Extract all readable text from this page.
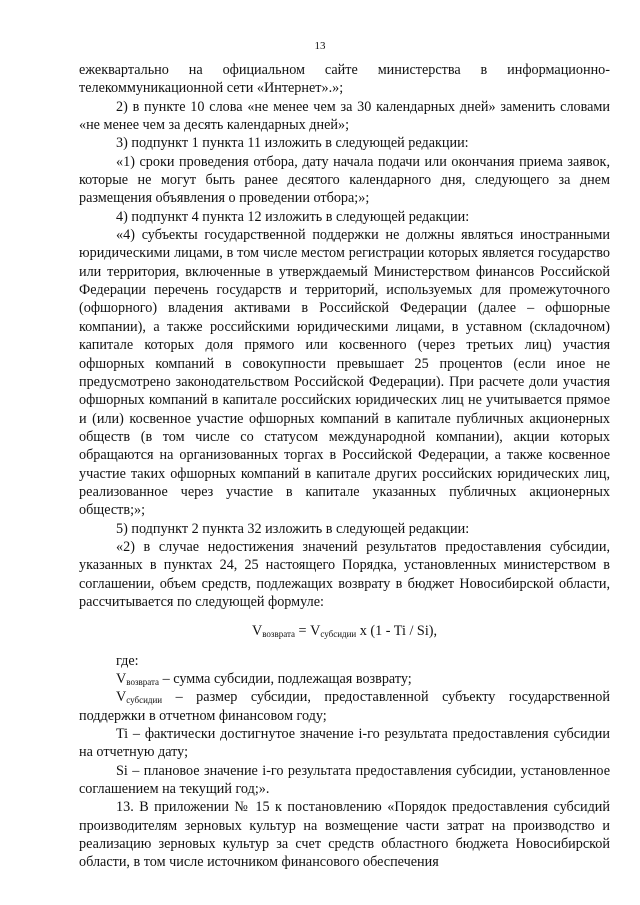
13

ежеквартально на официальном сайте министерства в информационно-телекоммуникационной сети «Интернет».»;

2) в пункте 10 слова «не менее чем за 30 календарных дней» заменить словами «не менее чем за десять календарных дней»;

3) подпункт 1 пункта 11 изложить в следующей редакции:

«1) сроки проведения отбора, дату начала подачи или окончания приема заявок, которые не могут быть ранее десятого календарного дня, следующего за днем размещения объявления о проведении отбора;»;

4) подпункт 4 пункта 12 изложить в следующей редакции:

«4) субъекты государственной поддержки не должны являться иностранными юридическими лицами, в том числе местом регистрации которых является государство или территория, включенные в утверждаемый Министерством финансов Российской Федерации перечень государств и территорий, используемых для промежуточного (офшорного) владения активами в Российской Федерации (далее – офшорные компании), а также российскими юридическими лицами, в уставном (складочном) капитале которых доля прямого или косвенного (через третьих лиц) участия офшорных компаний в совокупности превышает 25 процентов (если иное не предусмотрено законодательством Российской Федерации). При расчете доли участия офшорных компаний в капитале российских юридических лиц не учитывается прямое и (или) косвенное участие офшорных компаний в капитале публичных акционерных обществ (в том числе со статусом международной компании), акции которых обращаются на организованных торгах в Российской Федерации, а также косвенное участие таких офшорных компаний в капитале других российских юридических лиц, реализованное через участие в капитале указанных публичных акционерных обществ;»;

5) подпункт 2 пункта 32 изложить в следующей редакции:

«2) в случае недостижения значений результатов предоставления субсидии, указанных в пунктах 24, 25 настоящего Порядка, установленных министерством в соглашении, объем средств, подлежащих возврату в бюджет Новосибирской области, рассчитывается по следующей формуле:

$V_{возврата} = V_{субсидии}$ x (1 - Ti / Si),

где:

$V_{возврата}$ – сумма субсидии, подлежащая возврату;

$V_{субсидии}$ – размер субсидии, предоставленной субъекту государственной поддержки в отчетном финансовом году;

Ti – фактически достигнутое значение i-го результата предоставления субсидии на отчетную дату;

Si – плановое значение i-го результата предоставления субсидии, установленное соглашением на текущий год;».

13. В приложении № 15 к постановлению «Порядок предоставления субсидий производителям зерновых культур на возмещение части затрат на производство и реализацию зерновых культур за счет средств областного бюджета Новосибирской области, в том числе источником финансового обеспечения
